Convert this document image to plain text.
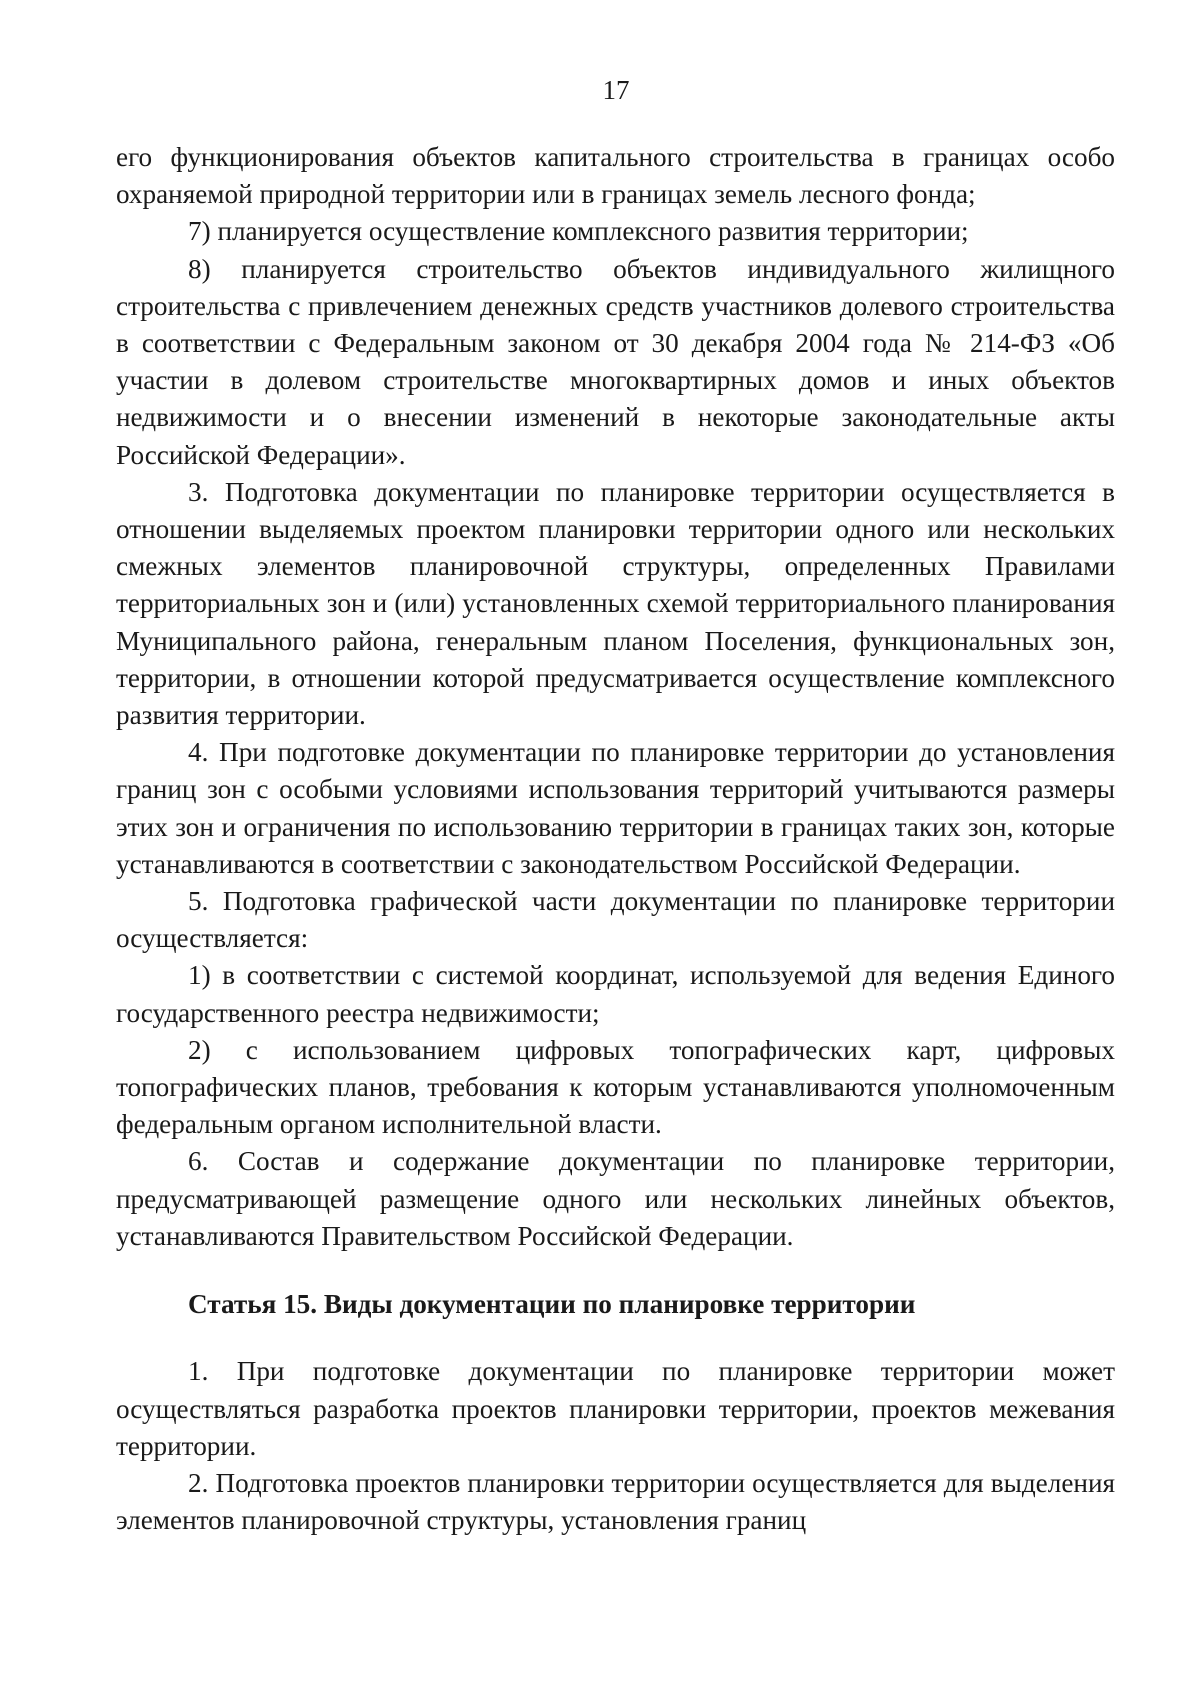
17

его функционирования объектов капитального строительства в границах особо охраняемой природной территории или в границах земель лесного фонда;

7) планируется осуществление комплексного развития территории;

8) планируется строительство объектов индивидуального жилищного строительства с привлечением денежных средств участников долевого строительства в соответствии с Федеральным законом от 30 декабря 2004 года № 214-ФЗ «Об участии в долевом строительстве многоквартирных домов и иных объектов недвижимости и о внесении изменений в некоторые законодательные акты Российской Федерации».

3. Подготовка документации по планировке территории осуществляется в отношении выделяемых проектом планировки территории одного или нескольких смежных элементов планировочной структуры, определенных Правилами территориальных зон и (или) установленных схемой территориального планирования Муниципального района, генеральным планом Поселения, функциональных зон, территории, в отношении которой предусматривается осуществление комплексного развития территории.

4. При подготовке документации по планировке территории до установления границ зон с особыми условиями использования территорий учитываются размеры этих зон и ограничения по использованию территории в границах таких зон, которые устанавливаются в соответствии с законодательством Российской Федерации.

5. Подготовка графической части документации по планировке территории осуществляется:

1) в соответствии с системой координат, используемой для ведения Единого государственного реестра недвижимости;

2) с использованием цифровых топографических карт, цифровых топографических планов, требования к которым устанавливаются уполномоченным федеральным органом исполнительной власти.

6. Состав и содержание документации по планировке территории, предусматривающей размещение одного или нескольких линейных объектов, устанавливаются Правительством Российской Федерации.

Статья 15. Виды документации по планировке территории

1. При подготовке документации по планировке территории может осуществляться разработка проектов планировки территории, проектов межевания территории.

2. Подготовка проектов планировки территории осуществляется для выделения элементов планировочной структуры, установления границ
